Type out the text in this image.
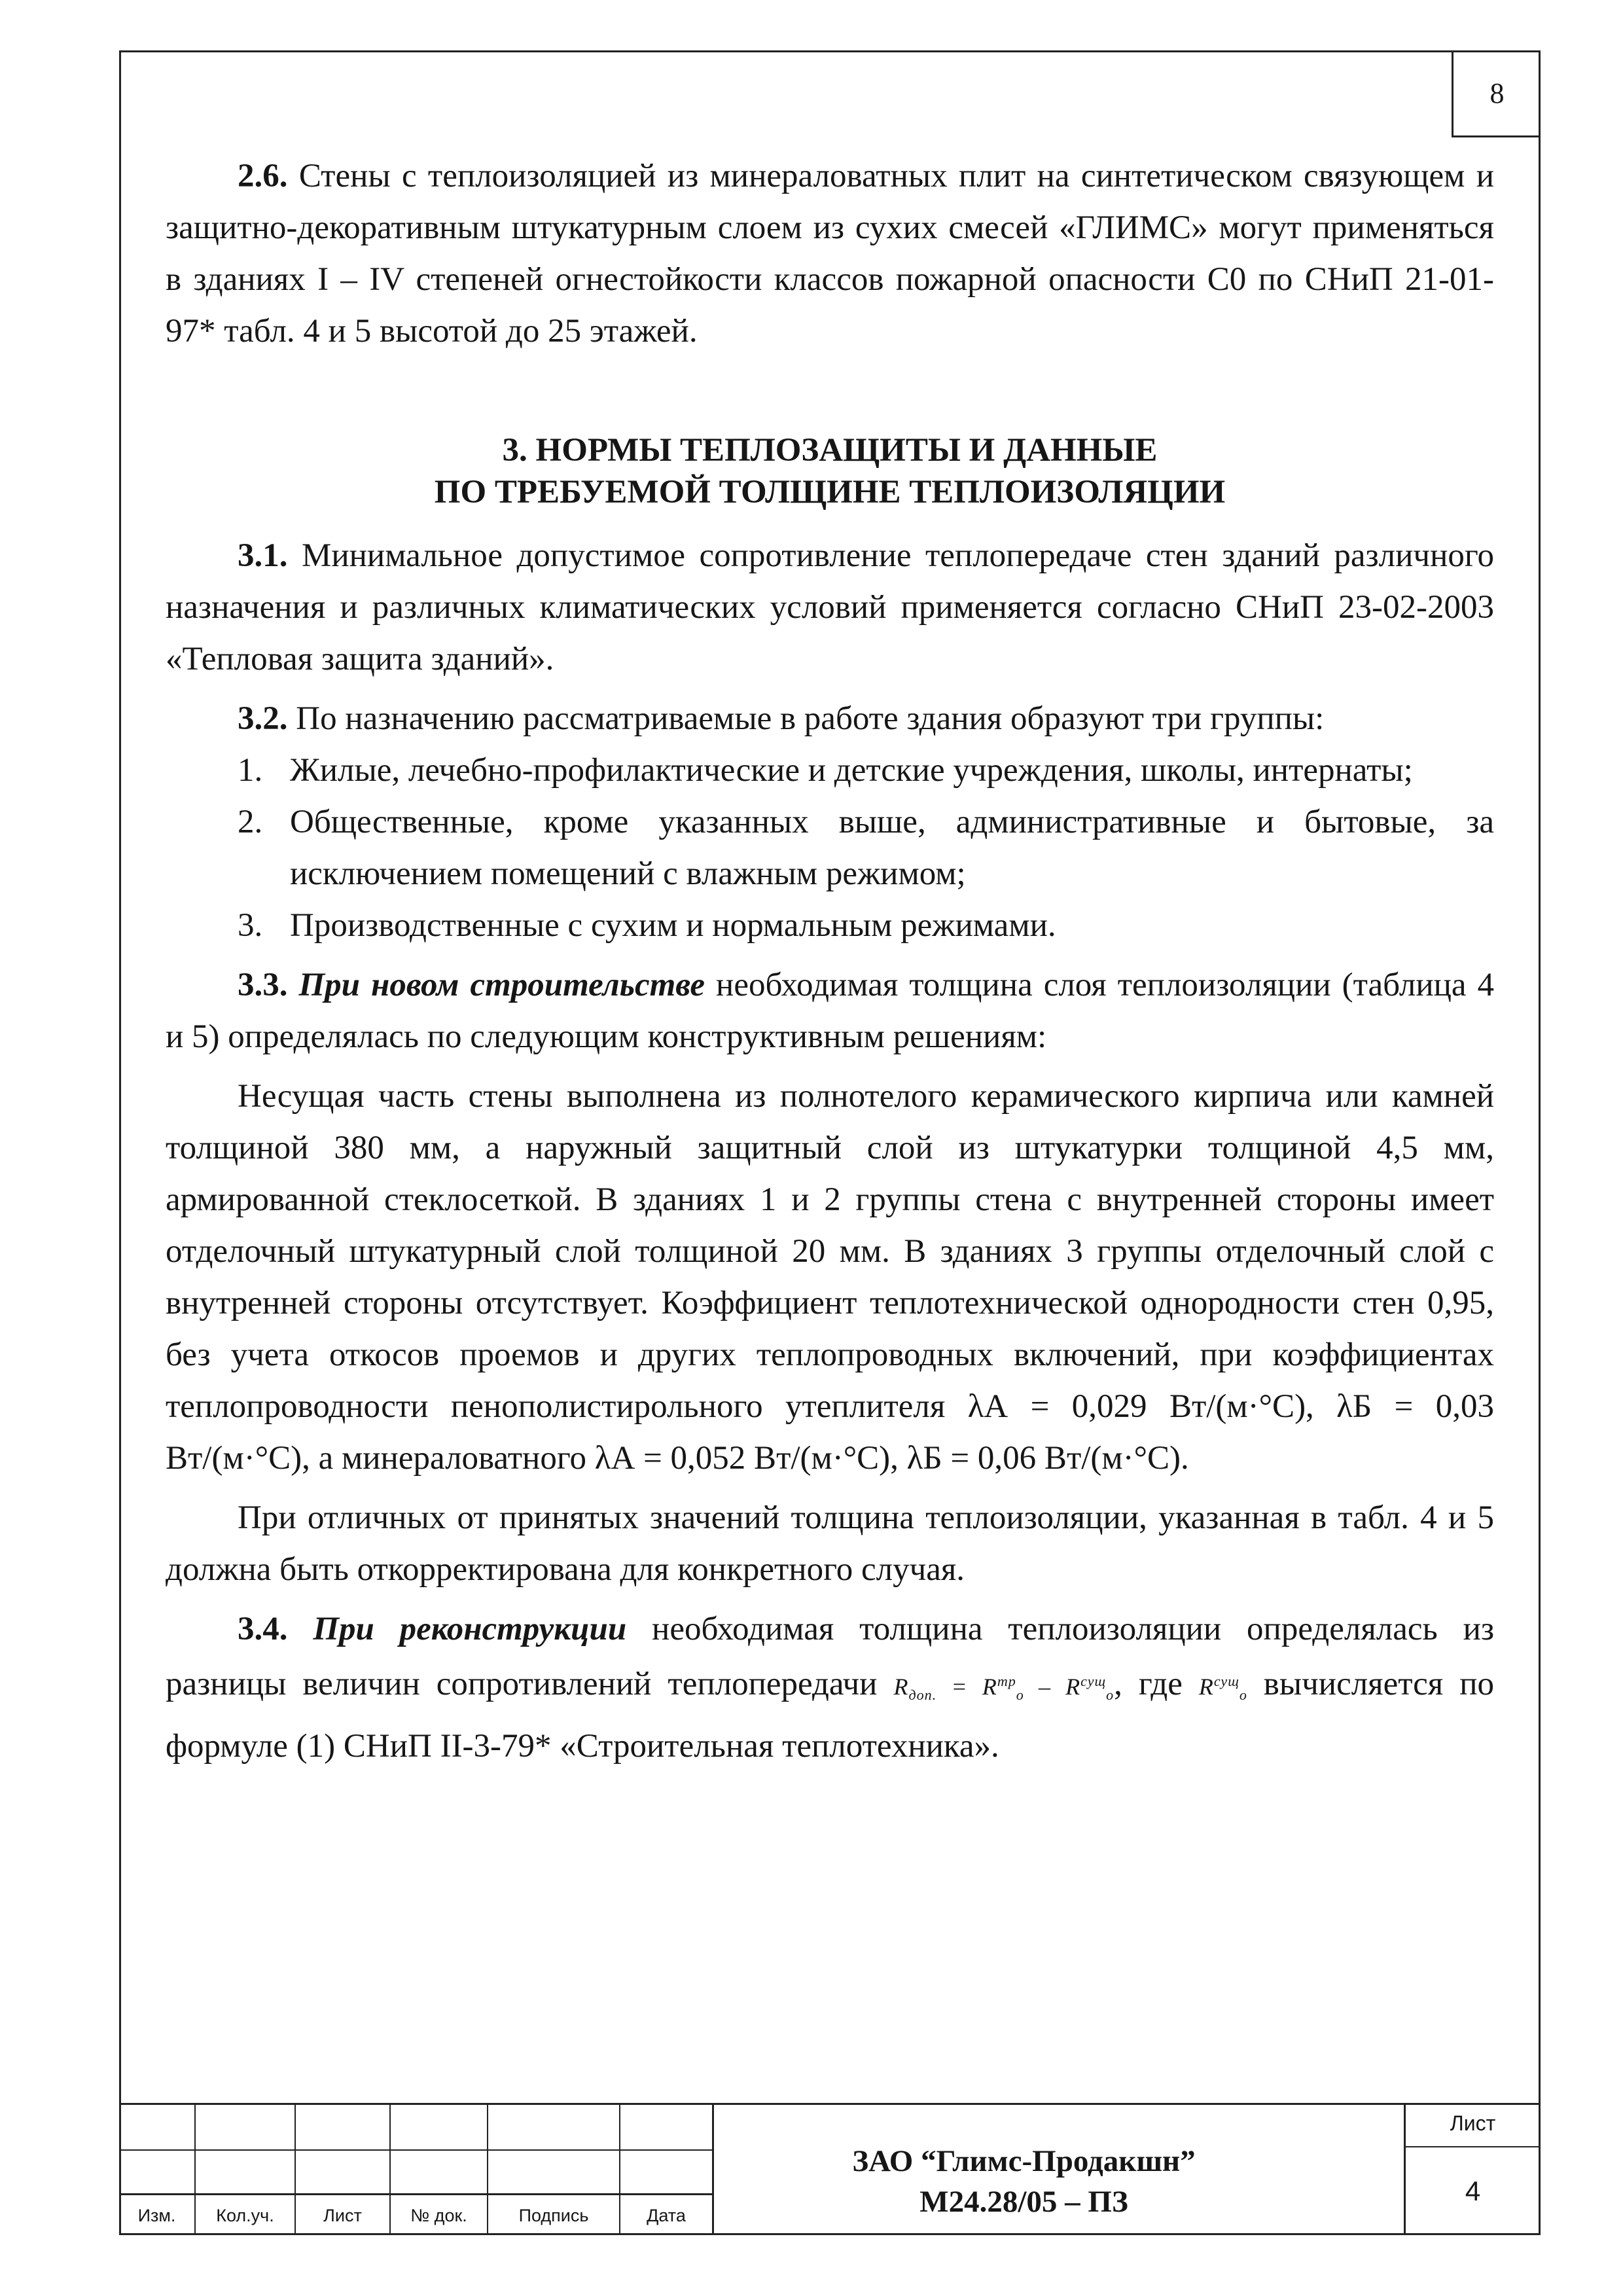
8

2.6. Стены с теплоизоляцией из минераловатных плит на синтетическом связующем и защитно-декоративным штукатурным слоем из сухих смесей «ГЛИМС» могут применяться в зданиях I – IV степеней огнестойкости классов пожарной опасности С0 по СНиП 21-01-97* табл. 4 и 5 высотой до 25 этажей.

3. НОРМЫ ТЕПЛОЗАЩИТЫ И ДАННЫЕ

ПО ТРЕБУЕМОЙ ТОЛЩИНЕ ТЕПЛОИЗОЛЯЦИИ

3.1. Минимальное допустимое сопротивление теплопередаче стен зданий различного назначения и различных климатических условий применяется согласно СНиП 23-02-2003 «Тепловая защита зданий».

3.2. По назначению рассматриваемые в работе здания образуют три группы:

1. Жилые, лечебно-профилактические и детские учреждения, школы, интернаты;
2. Общественные, кроме указанных выше, административные и бытовые, за исключением помещений с влажным режимом;
3. Производственные с сухим и нормальным режимами.

3.3. При новом строительстве необходимая толщина слоя теплоизоляции (таблица 4 и 5) определялась по следующим конструктивным решениям:

Несущая часть стены выполнена из полнотелого керамического кирпича или камней толщиной 380 мм, а наружный защитный слой из штукатурки толщиной 4,5 мм, армированной стеклосеткой. В зданиях 1 и 2 группы стена с внутренней стороны имеет отделочный штукатурный слой толщиной 20 мм. В зданиях 3 группы отделочный слой с внутренней стороны отсутствует. Коэффициент теплотехнической однородности стен 0,95, без учета откосов проемов и других теплопроводных включений, при коэффициентах теплопроводности пенополистирольного утеплителя λА = 0,029 Вт/(м·°С), λБ = 0,03 Вт/(м·°С), а минераловатного λА = 0,052 Вт/(м·°С), λБ = 0,06 Вт/(м·°С).

При отличных от принятых значений толщина теплоизоляции, указанная в табл. 4 и 5 должна быть откорректирована для конкретного случая.

3.4. При реконструкции необходимая толщина теплоизоляции определялась из разницы величин сопротивлений теплопередачи $R_{доп.} = R^{тр}_o - R^{сущ}_o$, где $R^{сущ}_o$ вычисляется по формуле (1) СНиП II-3-79* «Строительная теплотехника».

Изм.	Кол.уч.	Лист	№ док.	Подпись	Дата
ЗАО “Глимс-Продакшн”
М24.28/05 – ПЗ
Лист
4
